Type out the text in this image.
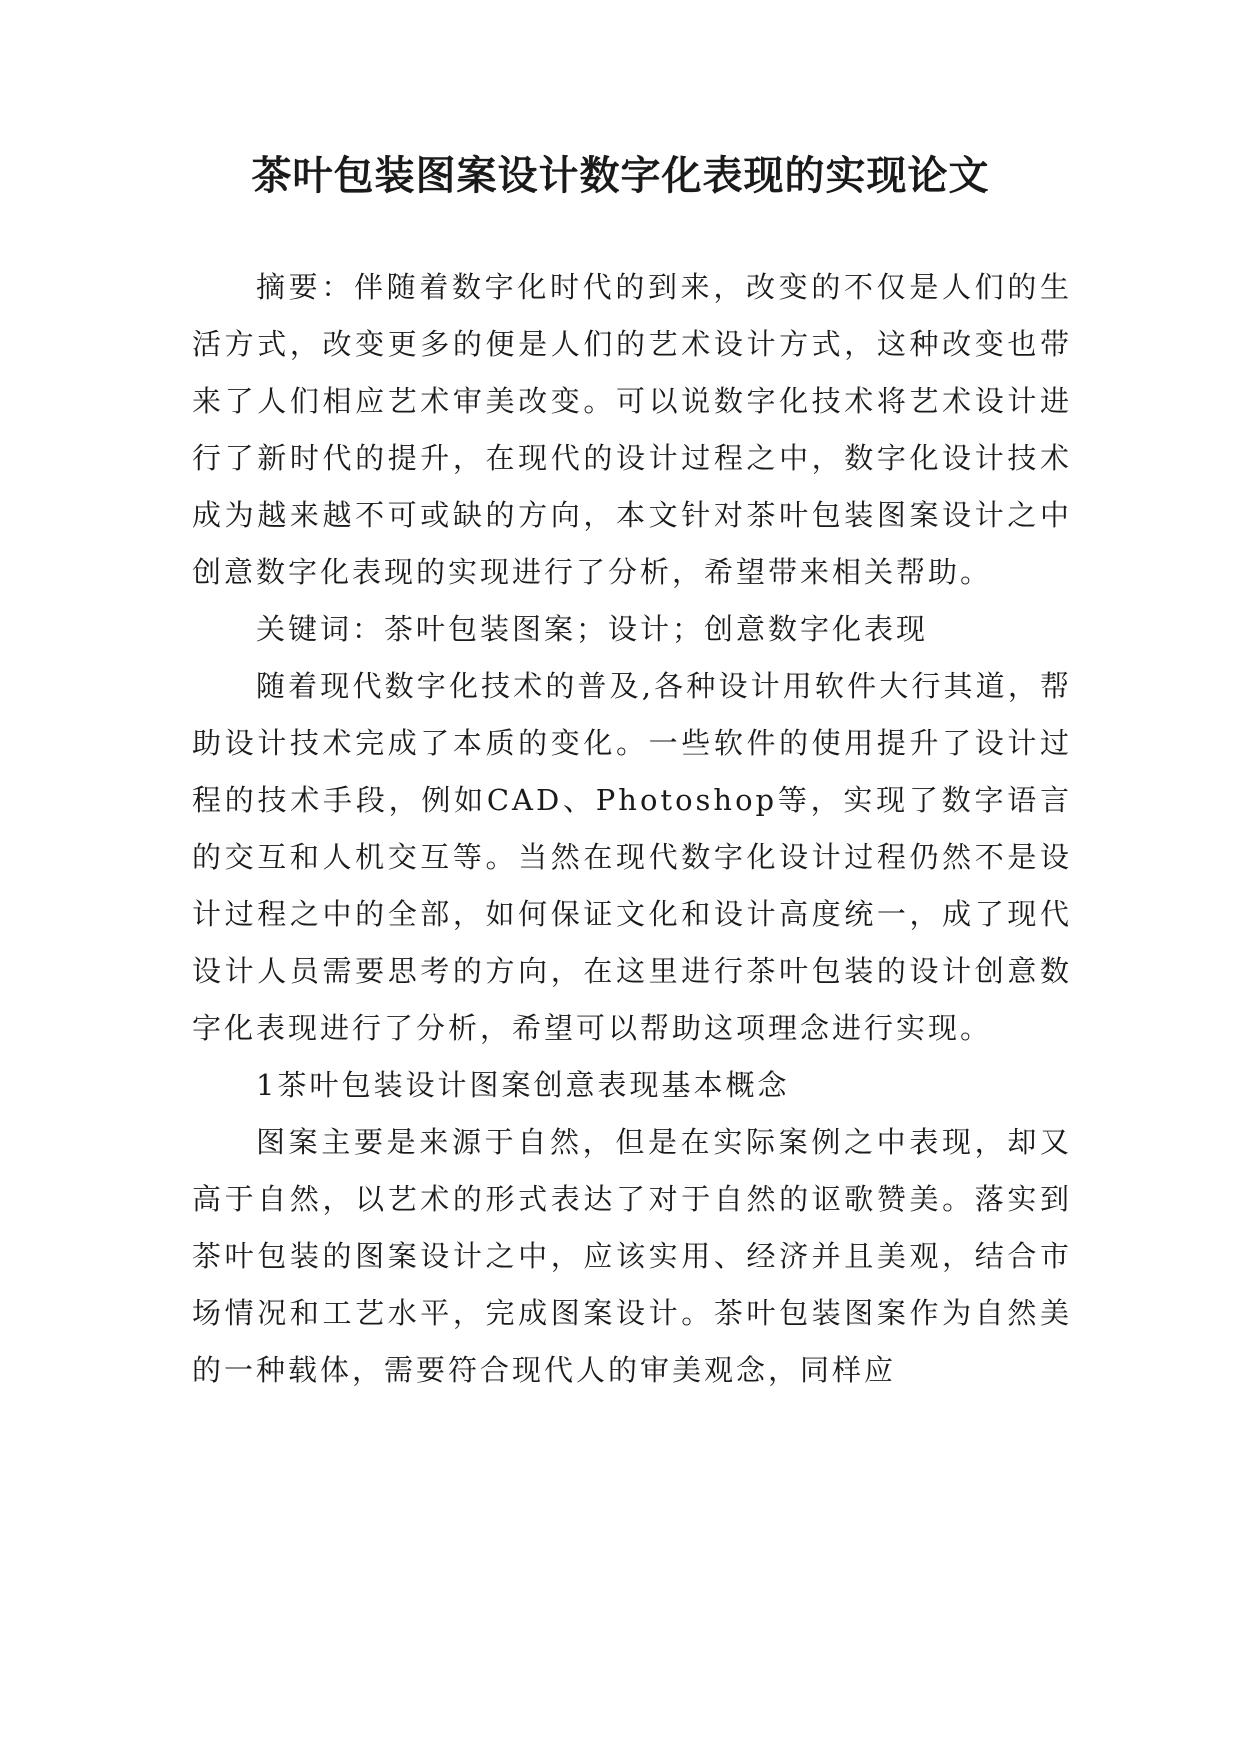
茶叶包装图案设计数字化表现的实现论文

摘要：伴随着数字化时代的到来，改变的不仅是人们的生活方式，改变更多的便是人们的艺术设计方式，这种改变也带来了人们相应艺术审美改变。可以说数字化技术将艺术设计进行了新时代的提升，在现代的设计过程之中，数字化设计技术成为越来越不可或缺的方向，本文针对茶叶包装图案设计之中创意数字化表现的实现进行了分析，希望带来相关帮助。

关键词：茶叶包装图案；设计；创意数字化表现

随着现代数字化技术的普及,各种设计用软件大行其道，帮助设计技术完成了本质的变化。一些软件的使用提升了设计过程的技术手段，例如CAD、Photoshop等，实现了数字语言的交互和人机交互等。当然在现代数字化设计过程仍然不是设计过程之中的全部，如何保证文化和设计高度统一，成了现代设计人员需要思考的方向，在这里进行茶叶包装的设计创意数字化表现进行了分析，希望可以帮助这项理念进行实现。

1茶叶包装设计图案创意表现基本概念

图案主要是来源于自然，但是在实际案例之中表现，却又高于自然，以艺术的形式表达了对于自然的讴歌赞美。落实到茶叶包装的图案设计之中，应该实用、经济并且美观，结合市场情况和工艺水平，完成图案设计。茶叶包装图案作为自然美的一种载体，需要符合现代人的审美观念，同样应
